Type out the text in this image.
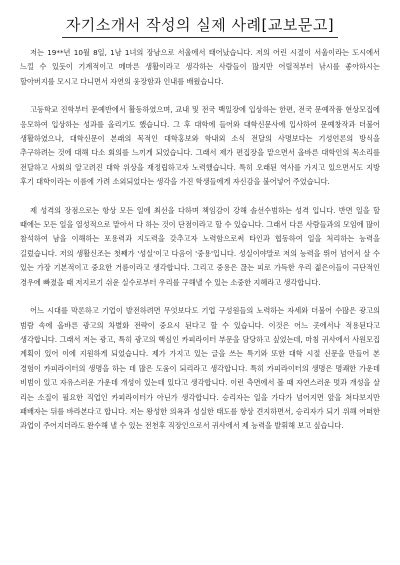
자기소개서 작성의 실제 사례[교보문고]

저는 19**년 10월 8일, 1남 1녀의 장남으로 서울에서 태어났습니다. 저의 어린 시절이 서울이라는 도시에서 느낄 수 있듯이 기계적이고 메마른 생활이라고 생각하는 사람들이 많지만 어릴적부터 낚시를 좋아하시는 할아버지를 모시고 다니면서 자연의 웅장함과 인내를 배웠습니다.

고등학교 진학부터 문예반에서 활동하였으며, 교내 및 전국 백일장에 입상하는 한편, 전국 문예작품 현상모집에 응모하여 입상하는 성과를 올리기도 했습니다. 그 후 대학에 들어와 대학신문사에 입사하여 문예창작과 더불어 생활하였으나, 대학신문이 본래의 목적인 대학홍보와 학내외 소식 전달의 사명보다는 기성언론의 방식을 추구하려는 것에 대해 다소 회의를 느끼게 되었습니다. 그래서 제가 편집장을 맡으면서 올바른 대학인의 목소리를 전달하고 사회의 알고려진 대학 위상을 재정립하고자 노력했습니다. 특히 오래된 역사를 가지고 있으면서도 지방 후기 대학이라는 이름에 가려 소외되었다는 생각을 가진 학생들에게 자신감을 불어넣어 주었습니다.

제 성격의 장점으로는 항상 모든 일에 최선을 다하며 책임감이 강해 솔선수범하는 성격 입니다. 반면 일을 할 때에는 모든 일을 열성적으로 맡아서 다 하는 것이 단점이라고 할 수 있습니다. 그래서 다른 사람들과의 모임에 많이 참석하여 남을 이해하는 포용력과 지도력을 갖추고자 노력함으로써 타인과 협동하여 일을 처리하는 능력을 길렀습니다. 저의 생활신조는 첫째가 '성실'이고 다음이 '중용'입니다. 성실이야말로 저의 능력을 뛰어 넘어서 살 수 있는 가장 기본적이고 중요한 거름이라고 생각합니다. 그리고 중용은 끊는 피로 가득한 우리 젊은이들이 극단적인 경우에 빠졌을 때 저지르기 쉬운 실수로부터 우리를 구해낼 수 있는 소중한 지혜라고 생각합니다.

어느 시대를 막론하고 기업이 발전하려면 무엇보다도 기업 구성원들의 노력하는 자세와 더불어 수많은 광고의 범람 속에 올바른 광고의 차별화 전략이 중요시 된다고 할 수 있습니다. 이것은 어느 곳에서나 적용된다고 생각합니다. 그래서 저는 광고, 특히 광고의 핵심인 카피라이터 부문을 담당하고 싶었는데, 마침 귀사에서 사원모집 계획이 있어 이에 지원하게 되었습니다. 제가 가지고 있는 글을 쓰는 특기와 또한 대학 시절 신문을 만들어 본 경험이 카피라이터의 생명을 하는 데 많은 도움이 되리라고 생각합니다. 특히 카피라이터의 생명은 명쾌한 가운데 비범이 있고 자유스러운 가운데 개성이 있는데 있다고 생각합니다. 이런 측면에서 볼 때 자연스러운 멋과 개성을 살 리는 소질이 필요한 직업인 카피라이터가 아닌가 생각합니다. 승리자는 일을 가다가 넘어지면 앞을 쳐다보지만 패배자는 뒤를 바라본다고 합니다. 저는 왕성한 의욕과 성실한 태도를 항상 견지하면서, 승리자가 되기 위해 어떠한 과업이 주어지더라도 완수해 낼 수 있는 전천후 직장인으로서 귀사에서 제 능력을 발휘해 보고 싶습니다.
